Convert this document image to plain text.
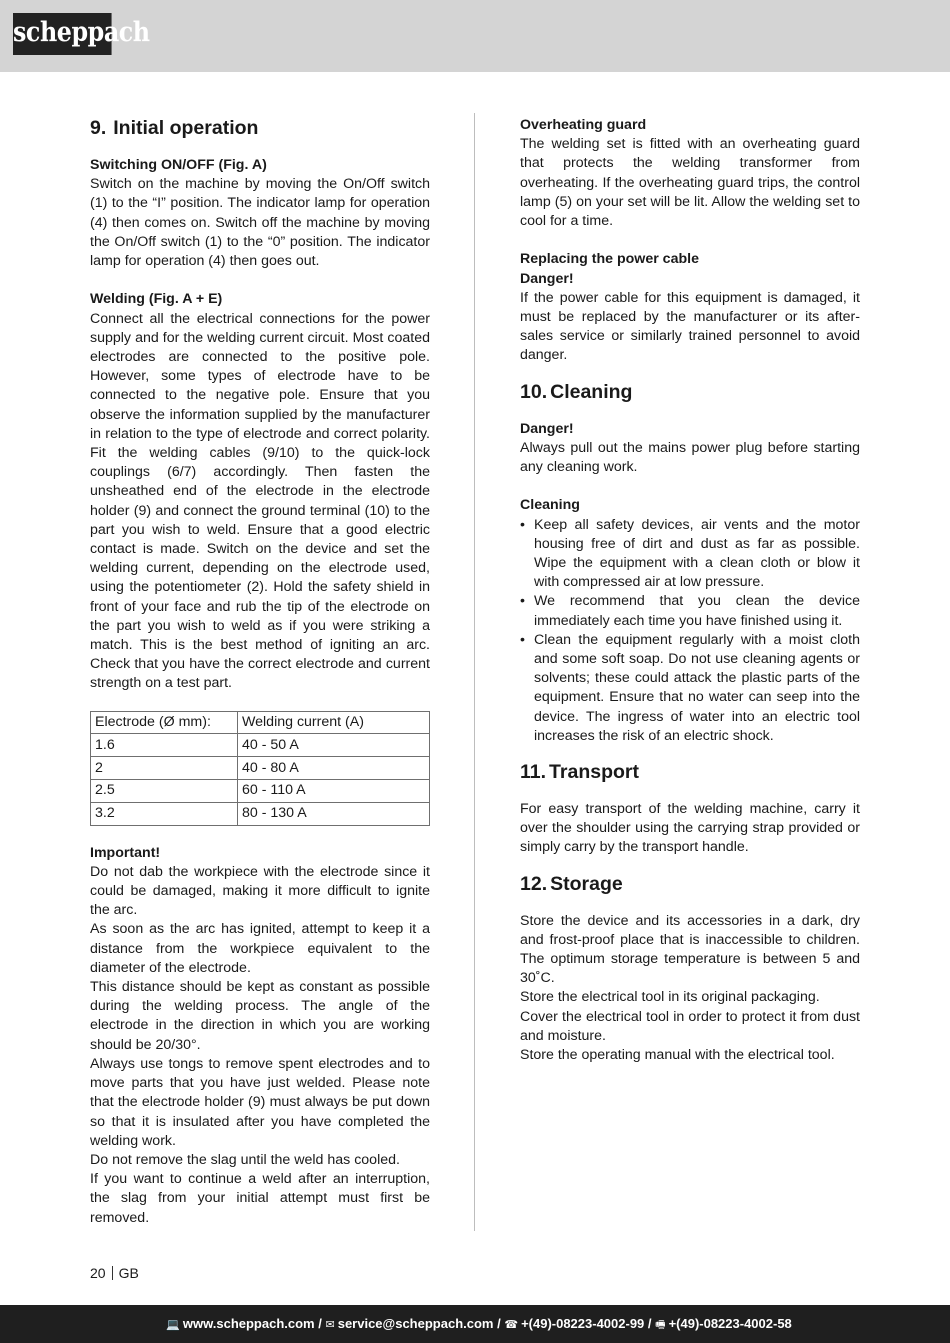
scheppach
9. Initial operation
Switching ON/OFF (Fig. A)
Switch on the machine by moving the On/Off switch (1) to the “I” position. The indicator lamp for operation (4) then comes on. Switch off the machine by moving the On/Off switch (1) to the “0” position. The indicator lamp for operation (4) then goes out.
Welding (Fig. A + E)
Connect all the electrical connections for the power supply and for the welding current circuit. Most coated electrodes are connected to the positive pole. However, some types of electrode have to be connected to the negative pole. Ensure that you observe the information supplied by the manufacturer in relation to the type of electrode and correct polarity. Fit the welding cables (9/10) to the quick-lock couplings (6/7) accordingly. Then fasten the unsheathed end of the electrode in the electrode holder (9) and connect the ground terminal (10) to the part you wish to weld. Ensure that a good electric contact is made. Switch on the device and set the welding current, depending on the electrode used, using the potentiometer (2). Hold the safety shield in front of your face and rub the tip of the electrode on the part you wish to weld as if you were striking a match. This is the best method of igniting an arc. Check that you have the correct electrode and current strength on a test part.
Electrode (Ø mm):	Welding current (A)
1.6	40 - 50 A
2	40 - 80 A
2.5	60 - 110 A
3.2	80 - 130 A
Important!
Do not dab the workpiece with the electrode since it could be damaged, making it more difficult to ignite the arc.
As soon as the arc has ignited, attempt to keep it a distance from the workpiece equivalent to the diameter of the electrode.
This distance should be kept as constant as possible during the welding process. The angle of the electrode in the direction in which you are working should be 20/30°.
Always use tongs to remove spent electrodes and to move parts that you have just welded. Please note that the electrode holder (9) must always be put down so that it is insulated after you have completed the welding work.
Do not remove the slag until the weld has cooled.
If you want to continue a weld after an interruption, the slag from your initial attempt must first be removed.
Overheating guard
The welding set is fitted with an overheating guard that protects the welding transformer from overheating. If the overheating guard trips, the control lamp (5) on your set will be lit. Allow the welding set to cool for a time.
Replacing the power cable
Danger!
If the power cable for this equipment is damaged, it must be replaced by the manufacturer or its after-sales service or similarly trained personnel to avoid danger.
10. Cleaning
Danger!
Always pull out the mains power plug before starting any cleaning work.
Cleaning
• Keep all safety devices, air vents and the motor housing free of dirt and dust as far as possible. Wipe the equipment with a clean cloth or blow it with compressed air at low pressure.
• We recommend that you clean the device immediately each time you have finished using it.
• Clean the equipment regularly with a moist cloth and some soft soap. Do not use cleaning agents or solvents; these could attack the plastic parts of the equipment. Ensure that no water can seep into the device. The ingress of water into an electric tool increases the risk of an electric shock.
11. Transport
For easy transport of the welding machine, carry it over the shoulder using the carrying strap provided or simply carry by the transport handle.
12. Storage
Store the device and its accessories in a dark, dry and frost-proof place that is inaccessible to children. The optimum storage temperature is between 5 and 30˚C.
Store the electrical tool in its original packaging.
Cover the electrical tool in order to protect it from dust and moisture.
Store the operating manual with the electrical tool.
20 GB
💻 www.scheppach.com / ✉ service@scheppach.com / ☎ +(49)-08223-4002-99 / 🖷 +(49)-08223-4002-58
